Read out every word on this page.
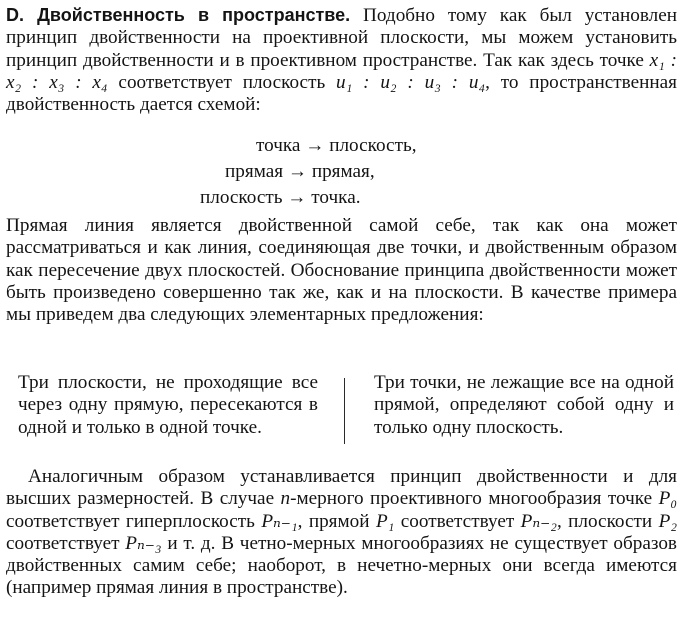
D. Двойственность в пространстве. Подобно тому как был установлен принцип двойственности на проективной плоскости, мы можем установить принцип двойственности и в проективном пространстве. Так как здесь точке x₁ : x₂ : x₃ : x₄ соответствует плоскость u₁ : u₂ : u₃ : u₄, то пространственная двойственность дается схемой:

точка → плоскость,
прямая → прямая,
плоскость → точка.

Прямая линия является двойственной самой себе, так как она может рассматриваться и как линия, соединяющая две точки, и двойственным образом как пересечение двух плоскостей. Обоснование принципа двойственности может быть произведено совершенно так же, как и на плоскости. В качестве примера мы приведем два следующих элементарных предложения:

Три плоскости, не проходящие все через одну прямую, пересекаются в одной и только в одной точке.

Три точки, не лежащие все на одной прямой, определяют собой одну и только одну плоскость.

Аналогичным образом устанавливается принцип двойственности и для высших размерностей. В случае n-мерного проективного многообразия точке P₀ соответствует гиперплоскость Pₙ₋₁, прямой P₁ соответствует Pₙ₋₂, плоскости P₂ соответствует Pₙ₋₃ и т. д. В четно-мерных многообразиях не существует образов двойственных самим себе; наоборот, в нечетно-мерных они всегда имеются (например прямая линия в пространстве).
